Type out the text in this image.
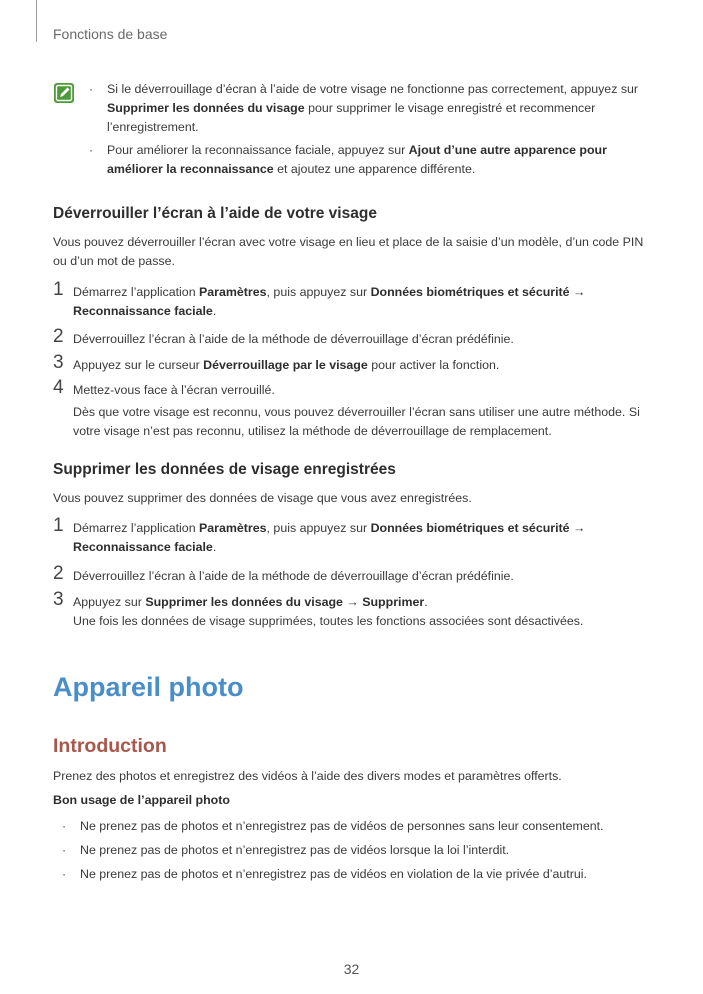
Fonctions de base
· Si le déverrouillage d’écran à l’aide de votre visage ne fonctionne pas correctement, appuyez sur Supprimer les données du visage pour supprimer le visage enregistré et recommencer l’enregistrement.
· Pour améliorer la reconnaissance faciale, appuyez sur Ajout d’une autre apparence pour améliorer la reconnaissance et ajoutez une apparence différente.
Déverrouiller l’écran à l’aide de votre visage
Vous pouvez déverrouiller l’écran avec votre visage en lieu et place de la saisie d’un modèle, d’un code PIN ou d’un mot de passe.
1 Démarrez l’application Paramètres, puis appuyez sur Données biométriques et sécurité → Reconnaissance faciale.
2 Déverrouillez l’écran à l’aide de la méthode de déverrouillage d’écran prédéfinie.
3 Appuyez sur le curseur Déverrouillage par le visage pour activer la fonction.
4 Mettez-vous face à l’écran verrouillé.
Dès que votre visage est reconnu, vous pouvez déverrouiller l’écran sans utiliser une autre méthode. Si votre visage n’est pas reconnu, utilisez la méthode de déverrouillage de remplacement.
Supprimer les données de visage enregistrées
Vous pouvez supprimer des données de visage que vous avez enregistrées.
1 Démarrez l’application Paramètres, puis appuyez sur Données biométriques et sécurité → Reconnaissance faciale.
2 Déverrouillez l’écran à l’aide de la méthode de déverrouillage d’écran prédéfinie.
3 Appuyez sur Supprimer les données du visage → Supprimer.
Une fois les données de visage supprimées, toutes les fonctions associées sont désactivées.
Appareil photo
Introduction
Prenez des photos et enregistrez des vidéos à l’aide des divers modes et paramètres offerts.
Bon usage de l’appareil photo
· Ne prenez pas de photos et n’enregistrez pas de vidéos de personnes sans leur consentement.
· Ne prenez pas de photos et n’enregistrez pas de vidéos lorsque la loi l’interdit.
· Ne prenez pas de photos et n’enregistrez pas de vidéos en violation de la vie privée d’autrui.
32
